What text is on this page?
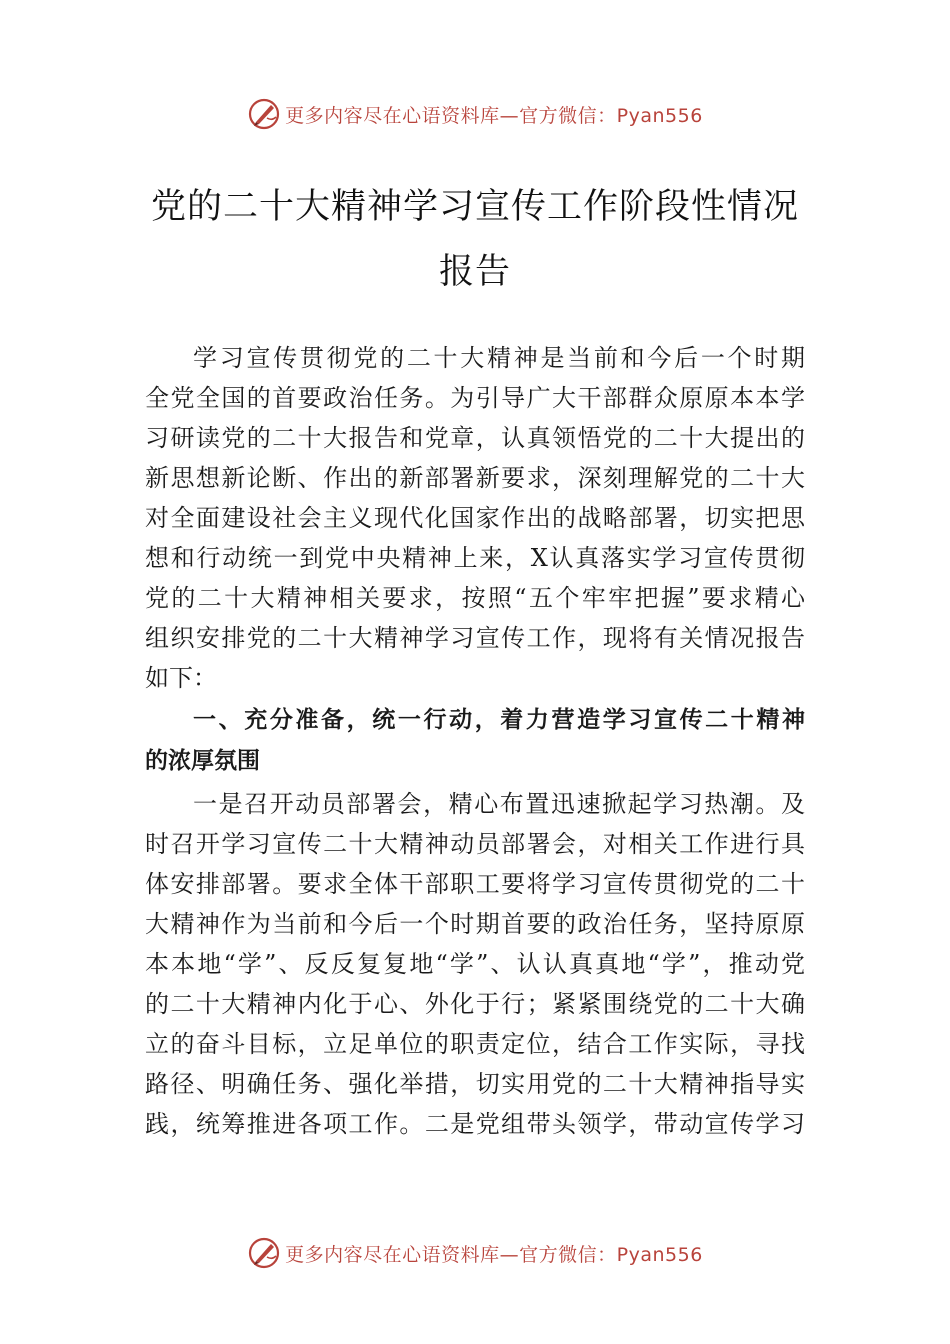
更多内容尽在心语资料库—官方微信：Pyan556
党的二十大精神学习宣传工作阶段性情况
报告
学习宣传贯彻党的二十大精神是当前和今后一个时期
全党全国的首要政治任务。为引导广大干部群众原原本本学
习研读党的二十大报告和党章，认真领悟党的二十大提出的
新思想新论断、作出的新部署新要求，深刻理解党的二十大
对全面建设社会主义现代化国家作出的战略部署，切实把思
想和行动统一到党中央精神上来，X认真落实学习宣传贯彻
党的二十大精神相关要求，按照“五个牢牢把握”要求精心
组织安排党的二十大精神学习宣传工作，现将有关情况报告
如下：
一、充分准备，统一行动，着力营造学习宣传二十精神
的浓厚氛围
一是召开动员部署会，精心布置迅速掀起学习热潮。及
时召开学习宣传二十大精神动员部署会，对相关工作进行具
体安排部署。要求全体干部职工要将学习宣传贯彻党的二十
大精神作为当前和今后一个时期首要的政治任务，坚持原原
本本地“学”、反反复复地“学”、认认真真地“学”，推动党
的二十大精神内化于心、外化于行；紧紧围绕党的二十大确
立的奋斗目标，立足单位的职责定位，结合工作实际，寻找
路径、明确任务、强化举措，切实用党的二十大精神指导实
践，统筹推进各项工作。二是党组带头领学，带动宣传学习
更多内容尽在心语资料库—官方微信：Pyan556
